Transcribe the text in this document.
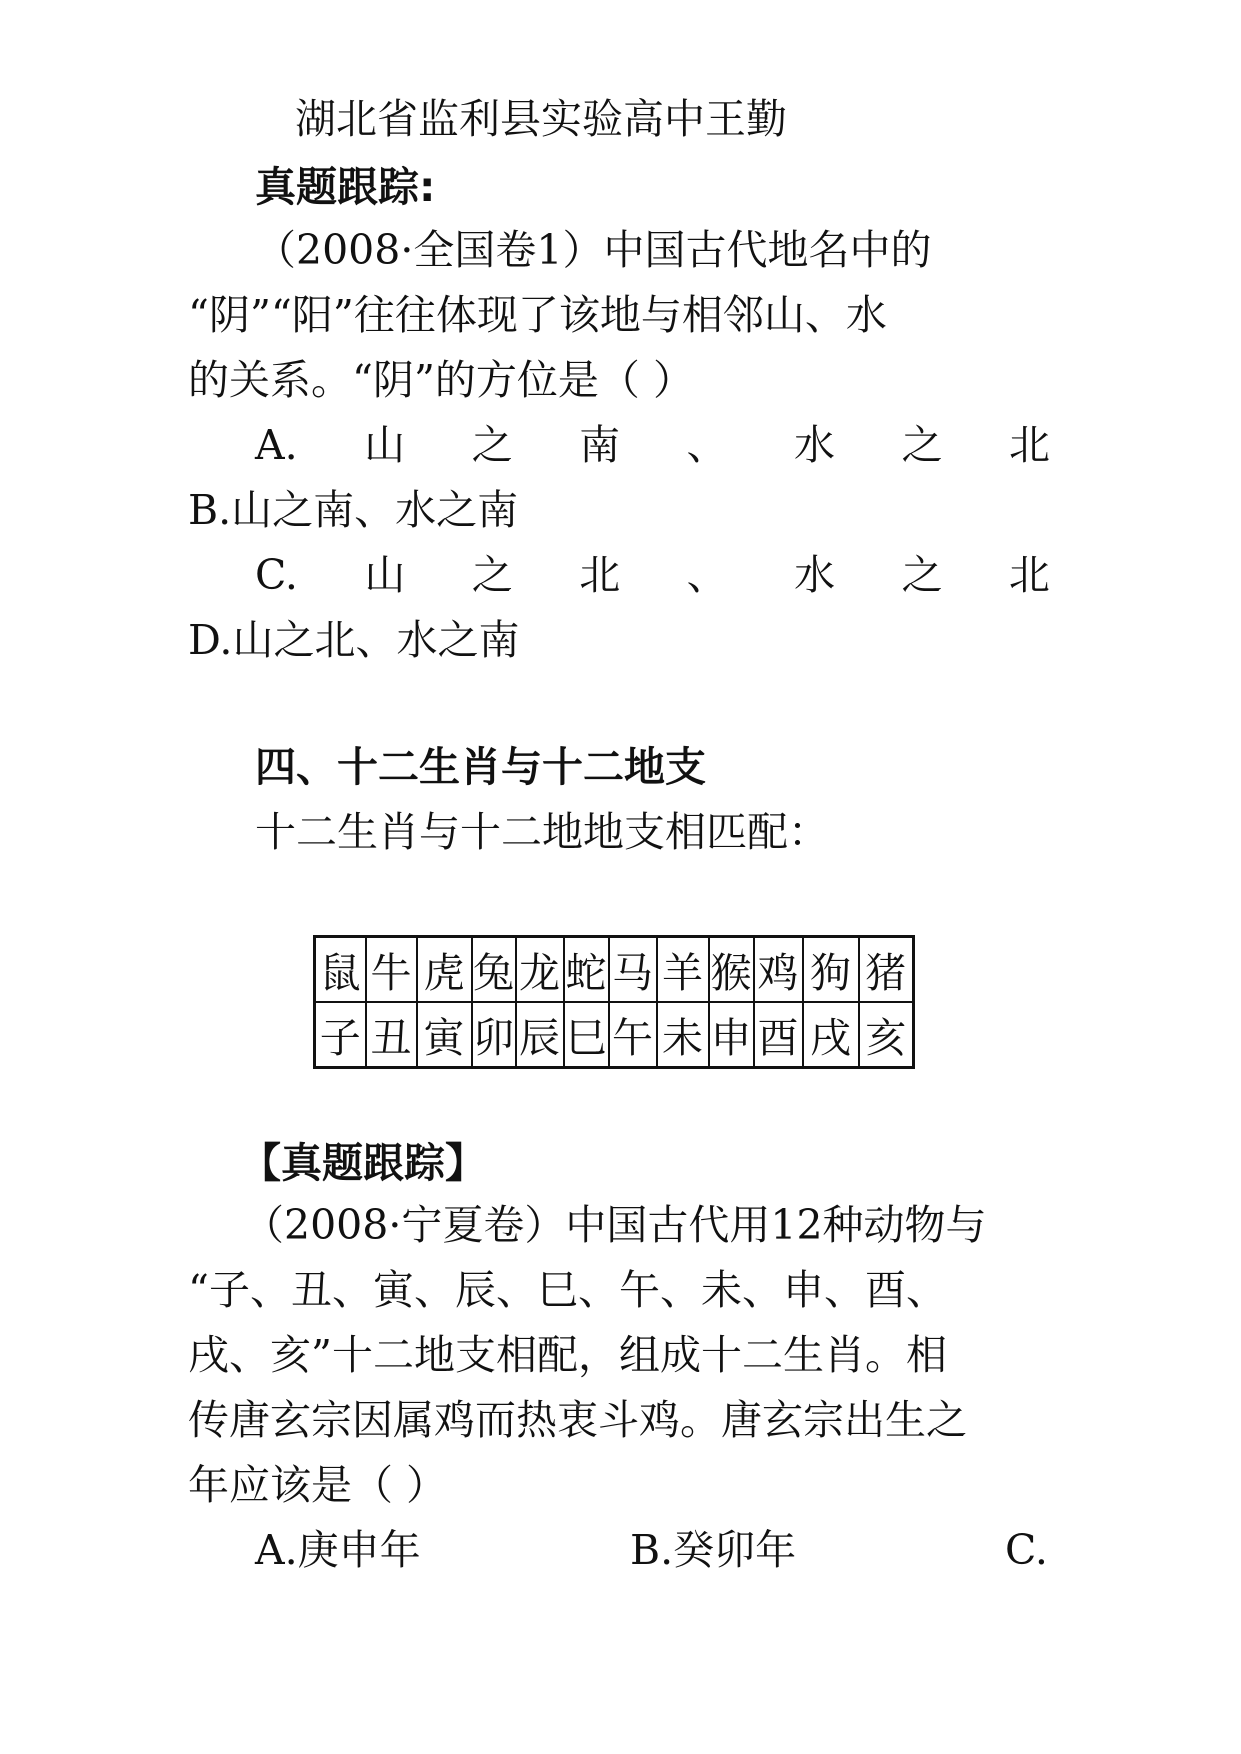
湖北省监利县实验高中王勤
真题跟踪:
（2008·全国卷1）中国古代地名中的
“阴”“阳”往往体现了该地与相邻山、水
的关系。“阴”的方位是（ ）
A. 山 之 南 、 水 之 北
B.山之南、水之南
C. 山 之 北 、 水 之 北
D.山之北、水之南
四、十二生肖与十二地支
十二生肖与十二地地支相匹配：
鼠	牛	虎	兔	龙	蛇	马	羊	猴	鸡	狗	猪
子	丑	寅	卯	辰	巳	午	未	申	酉	戌	亥
【真题跟踪】
（2008·宁夏卷）中国古代用12种动物与
“子、丑、寅、辰、巳、午、未、申、酉、
戌、亥”十二地支相配，组成十二生肖。相
传唐玄宗因属鸡而热衷斗鸡。唐玄宗出生之
年应该是（ ）
A.庚申年	B.癸卯年	C.
